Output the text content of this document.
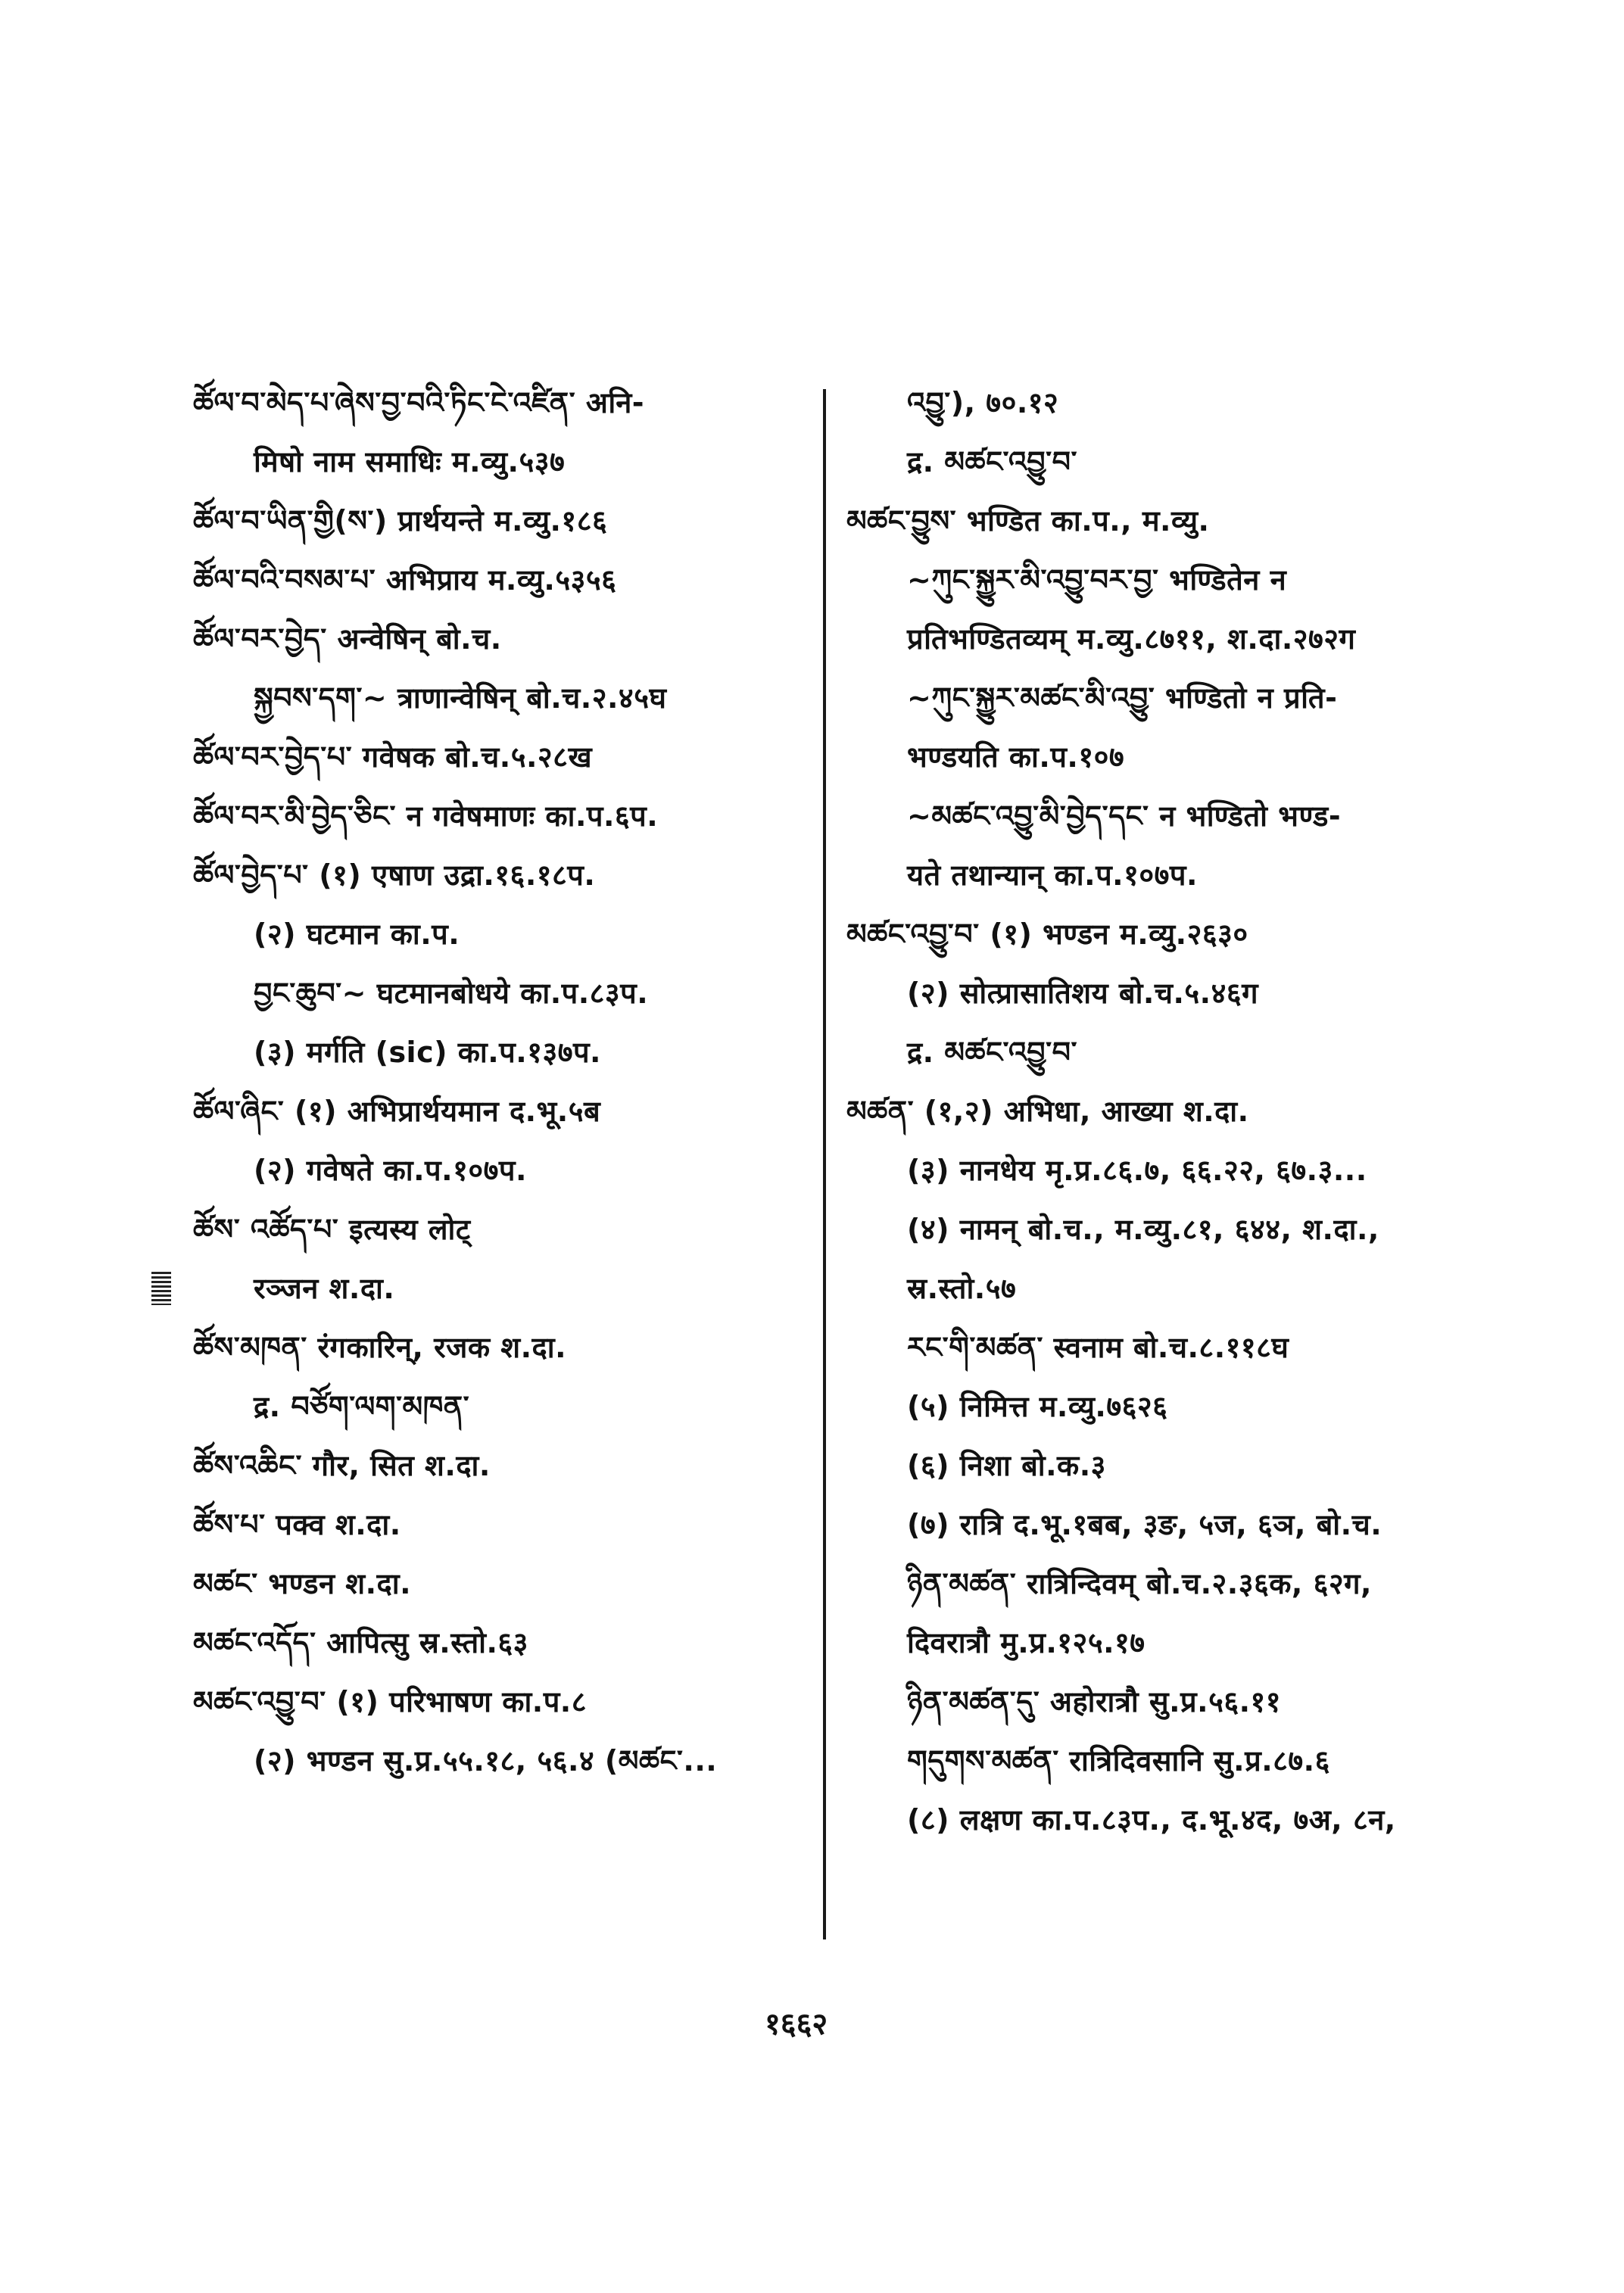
ཚོལ་བ་མེད་པ་ཞེས་བྱ་བའི་ཏིང་ངེ་འཛིན་ अनि-
मिषो नाम समाधिः म.व्यु.५३७
ཚོལ་བ་ཡིན་གྱི(ས་) प्रार्थयन्ते म.व्यु.१८६
ཚོལ་བའི་བསམ་པ་ अभिप्राय म.व्यु.५३५६
ཚོལ་བར་བྱེད་ अन्वेषिन् बो.च.
སྐྱབས་དག་~ त्राणान्वेषिन् बो.च.२.४५घ
ཚོལ་བར་བྱེད་པ་ गवेषक बो.च.५.२८ख
ཚོལ་བར་མི་བྱེད་ཅིང་ न गवेषमाणः का.प.६प.
ཚོལ་བྱེད་པ་ (१) एषाण उद्रा.१६.१८प.
(२) घटमान का.प.
བྱང་ཆུབ་~ घटमानबोधये का.प.८३प.
(३) मर्गति (sic) का.प.१३७प.
ཚོལ་ཞིང་ (१) अभिप्रार्थयमान द.भू.५ब
(२) गवेषते का.प.१०७प.
ཚོས་ འཚོད་པ་ इत्यस्य लोट्
रञ्जन श.दा.
ཚོས་མཁན་ रंगकारिन्, रजक श.दा.
द्र. བཙོག་ལག་མཁན་
ཚོས་འཆིང་ गौर, सित श.दा.
ཚོས་པ་ पक्व श.दा.
མཚང་ भण्डन श.दा.
མཚང་འདོད་ आपित्सु स्र.स्तो.६३
མཚང་འབྱུ་བ་ (१) परिभाषण का.प.८
(२) भण्डन सु.प्र.५५.१८, ५६.४ (མཚང་...
འབྱུ་), ७०.१२
द्र. མཚང་འབྱུ་བ་
མཚང་བྱུས་ भण्डित का.प., म.व्यु.
~ཀུང་སྐྱུར་མི་འབྱུ་བར་བྱ་ भण्डितेन न
प्रतिभण्डितव्यम् म.व्यु.८७११, श.दा.२७२ग
~ཀུང་སྐྱུར་མཚང་མི་འབྱུ་ भण्डितो न प्रति-
भण्डयति का.प.१०७
~མཚང་འབྱུ་མི་བྱེད་དང་ न भण्डितो भण्ड-
यते तथान्यान् का.प.१०७प.
མཚང་འབྱུ་བ་ (१) भण्डन म.व्यु.२६३०
(२) सोत्प्रासातिशय बो.च.५.४६ग
द्र. མཚང་འབྱུ་བ་
མཚན་ (१,२) अभिधा, आख्या श.दा.
(३) नानधेय मृ.प्र.८६.७, ६६.२२, ६७.३...
(४) नामन् बो.च., म.व्यु.८१, ६४४, श.दा.,
स्र.स्तो.५७
རང་གི་མཚན་ स्वनाम बो.च.८.११८घ
(५) निमित्त म.व्यु.७६२६
(६) निशा बो.क.३
(७) रात्रि द.भू.१बब, ३ङ, ५ज, ६ञ, बो.च.
ཉིན་མཚན་ रात्रिन्दिवम् बो.च.२.३६क, ६२ग,
दिवरात्रौ मु.प्र.१२५.१७
ཉིན་མཚན་དུ་ अहोरात्रौ सु.प्र.५६.११
གདུགས་མཚན་ रात्रिदिवसानि सु.प्र.८७.६
(८) लक्षण का.प.८३प., द.भू.४द, ७अ, ८न,
१६६२
